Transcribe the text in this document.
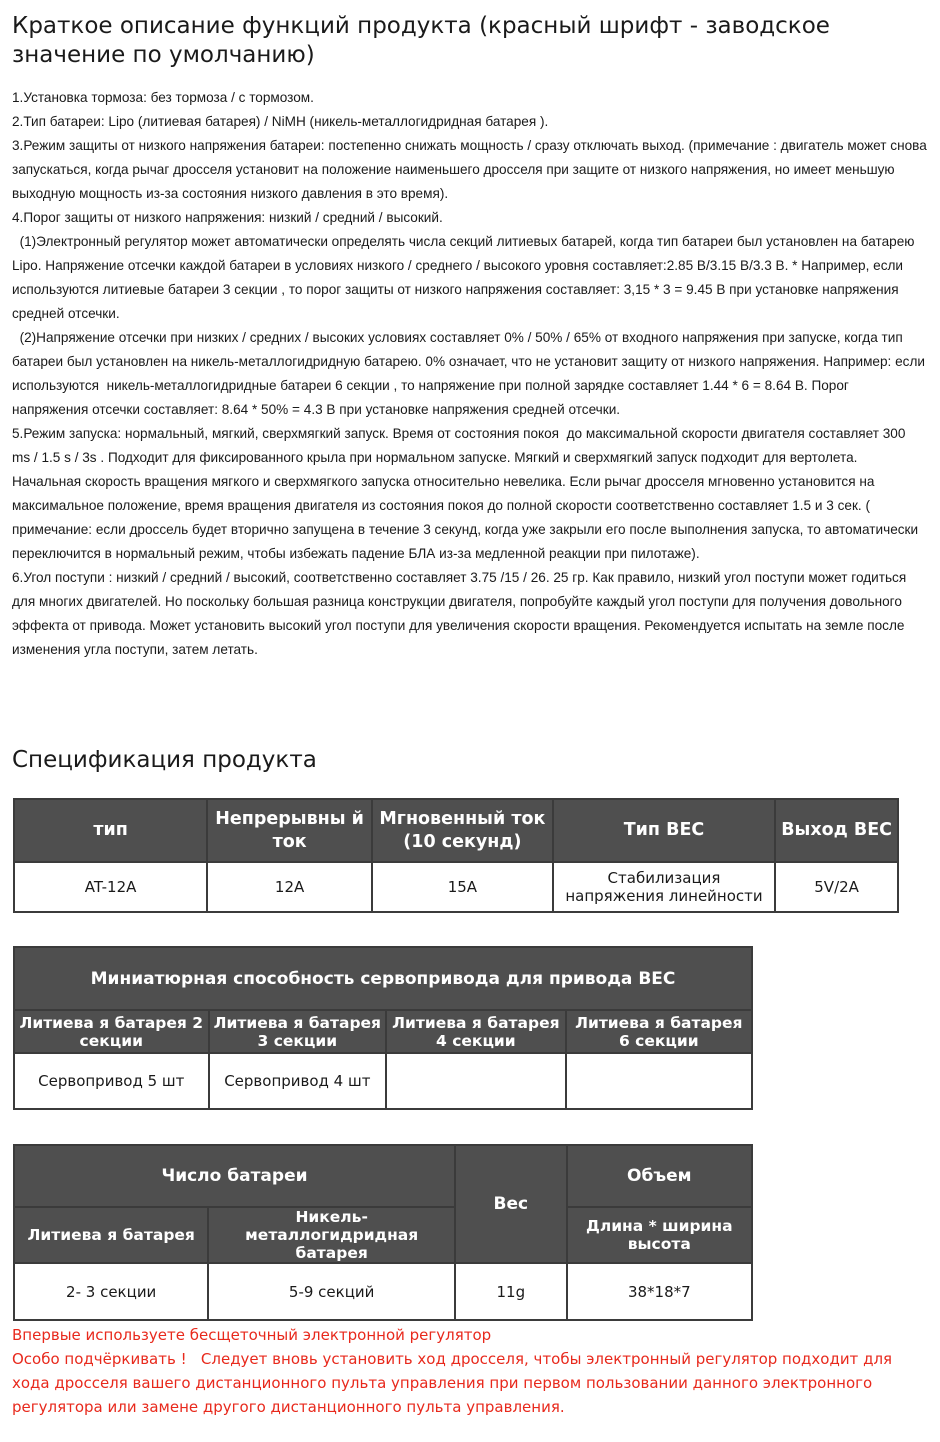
Краткое описание функций продукта (красный шрифт - заводское значение по умолчанию)

1.Установка тормоза: без тормоза / с тормозом.

2.Тип батареи: Lipo (литиевая батарея) / NiMH (никель-металлогидридная батарея ).

3.Режим защиты от низкого напряжения батареи: постепенно снижать мощность / сразу отключать выход. (примечание : двигатель может снова запускаться, когда рычаг дросселя установит на положение наименьшего дросселя при защите от низкого напряжения, но имеет меньшую выходную мощность из-за состояния низкого давления в это время).

4.Порог защиты от низкого напряжения: низкий / средний / высокий.

(1)Электронный регулятор может автоматически определять числа секций литиевых батарей, когда тип батареи был установлен на батарею Lipo. Напряжение отсечки каждой батареи в условиях низкого / среднего / высокого уровня составляет:2.85 В/3.15 В/3.3 В. * Например, если используются литиевые батареи 3 секции , то порог защиты от низкого напряжения составляет: 3,15 * 3 = 9.45 В при установке напряжения средней отсечки.

(2)Напряжение отсечки при низких / средних / высоких условиях составляет 0% / 50% / 65% от входного напряжения при запуске, когда тип батареи был установлен на никель-металлогидридную батарею. 0% означает, что не установит защиту от низкого напряжения. Например: если используются  никель-металлогидридные батареи 6 секции , то напряжение при полной зарядке составляет 1.44 * 6 = 8.64 В. Порог напряжения отсечки составляет: 8.64 * 50% = 4.3 В при установке напряжения средней отсечки.

5.Режим запуска: нормальный, мягкий, сверхмягкий запуск. Время от состояния покоя  до максимальной скорости двигателя составляет 300 ms / 1.5 s / 3s . Подходит для фиксированного крыла при нормальном запуске. Мягкий и сверхмягкий запуск подходит для вертолета. Начальная скорость вращения мягкого и сверхмягкого запуска относительно невелика. Если рычаг дросселя мгновенно установится на максимальное положение, время вращения двигателя из состояния покоя до полной скорости соответственно составляет 1.5 и 3 сек. ( примечание: если дроссель будет вторично запущена в течение 3 секунд, когда уже закрыли его после выполнения запуска, то автоматически переключится в нормальный режим, чтобы избежать падение БЛА из-за медленной реакции при пилотаже).

6.Угол поступи : низкий / средний / высокий, соответственно составляет 3.75 /15 / 26. 25 гр. Как правило, низкий угол поступи может годиться для многих двигателей. Но поскольку большая разница конструкции двигателя, попробуйте каждый угол поступи для получения довольного эффекта от привода. Может установить высокий угол поступи для увеличения скорости вращения. Рекомендуется испытать на земле после изменения угла поступи, затем летать.

Спецификация продукта
тип	Непрерывны й ток	Мгновенный ток (10 секунд)	Тип BEC	Выход BEC
AT-12A	12A	15A	Стабилизация напряжения линейности	5V/2A
Миниатюрная способность сервопривода для привода BEC			
Литиева я батарея 2 секции	Литиева я батарея 3 секции	Литиева я батарея 4 секции	Литиева я батарея 6 секции
Сервопривод 5 шт	Сервопривод 4 шт		
Число батареи		Вес	Объем
Литиева я батарея	Никель-металлогидридная батарея		Длина * ширина высота
2- 3 секции	5-9 секций	11g	38*18*7

Впервые используете бесщеточный электронной регулятор

Особо подчёркивать !   Следует вновь установить ход дросселя, чтобы электронный регулятор подходит для хода дросселя вашего дистанционного пульта управления при первом пользовании данного электронного регулятора или замене другого дистанционного пульта управления.
